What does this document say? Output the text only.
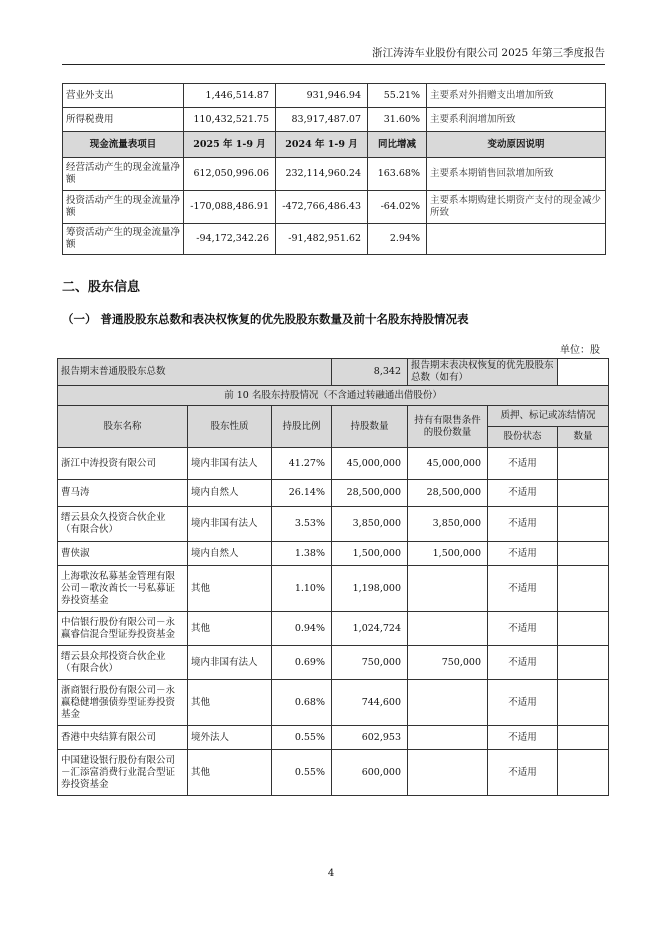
浙江涛涛车业股份有限公司 2025 年第三季度报告
营业外支出	1,446,514.87	931,946.94	55.21%	主要系对外捐赠支出增加所致
所得税费用	110,432,521.75	83,917,487.07	31.60%	主要系利润增加所致
现金流量表项目	2025 年 1-9 月	2024 年 1-9 月	同比增减	变动原因说明
经营活动产生的现金流量净额	612,050,996.06	232,114,960.24	163.68%	主要系本期销售回款增加所致
投资活动产生的现金流量净额	-170,088,486.91	-472,766,486.43	-64.02%	主要系本期购建长期资产支付的现金减少所致
筹资活动产生的现金流量净额	-94,172,342.26	-91,482,951.62	2.94%	
二、股东信息
（一） 普通股股东总数和表决权恢复的优先股股东数量及前十名股东持股情况表
单位：股
报告期末普通股股东总数			8,342	报告期末表决权恢复的优先股股东总数（如有）		
前 10 名股东持股情况（不含通过转融通出借股份）						
股东名称	股东性质	持股比例	持股数量	持有有限售条件的股份数量	质押、标记或冻结情况	
					股份状态	数量
浙江中涛投资有限公司	境内非国有法人	41.27%	45,000,000	45,000,000	不适用	
曹马涛	境内自然人	26.14%	28,500,000	28,500,000	不适用	
缙云县众久投资合伙企业（有限合伙）	境内非国有法人	3.53%	3,850,000	3,850,000	不适用	
曹侠淑	境内自然人	1.38%	1,500,000	1,500,000	不适用	
上海歌汝私募基金管理有限公司－歌汝酋长一号私募证券投资基金	其他	1.10%	1,198,000		不适用	
中信银行股份有限公司－永赢睿信混合型证券投资基金	其他	0.94%	1,024,724		不适用	
缙云县众邦投资合伙企业（有限合伙）	境内非国有法人	0.69%	750,000	750,000	不适用	
浙商银行股份有限公司－永赢稳健增强债券型证券投资基金	其他	0.68%	744,600		不适用	
香港中央结算有限公司	境外法人	0.55%	602,953		不适用	
中国建设银行股份有限公司－汇添富消费行业混合型证券投资基金	其他	0.55%	600,000		不适用	
4
